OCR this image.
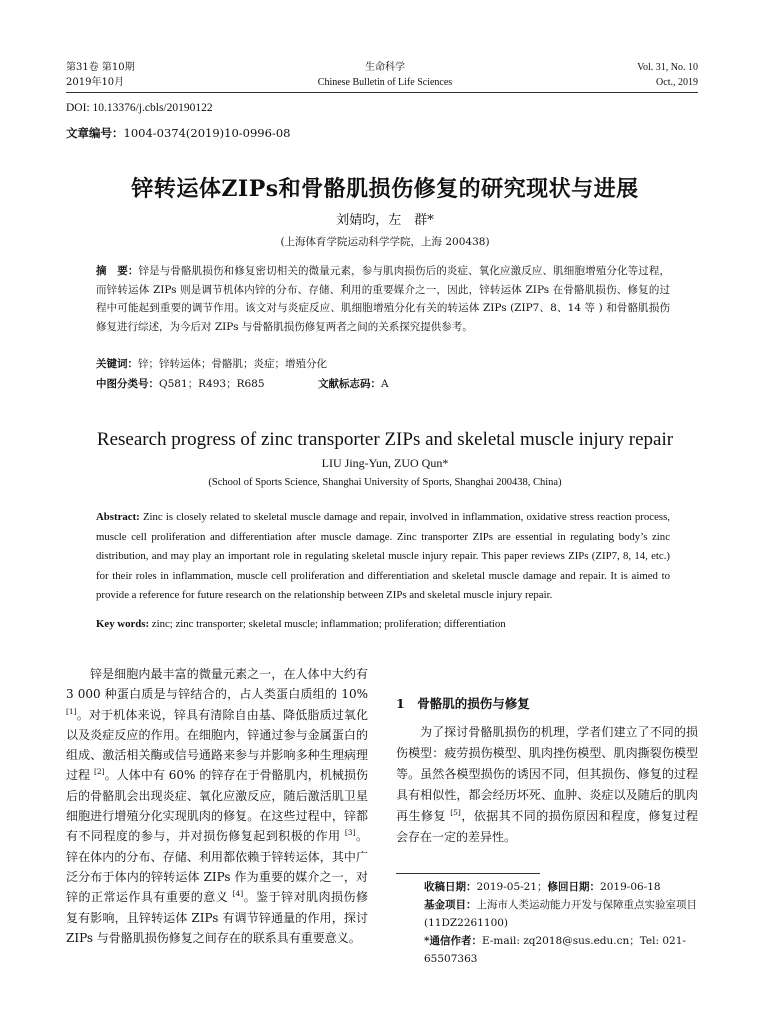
第31卷 第10期
2019年10月
生命科学
Chinese Bulletin of Life Sciences
Vol. 31, No. 10
Oct., 2019
DOI: 10.13376/j.cbls/20190122
文章编号：1004-0374(2019)10-0996-08
锌转运体ZIPs和骨骼肌损伤修复的研究现状与进展
刘婧昀，左　群*
(上海体育学院运动科学学院，上海 200438)
摘　要：锌是与骨骼肌损伤和修复密切相关的微量元素，参与肌肉损伤后的炎症、氧化应激反应、肌细胞增殖分化等过程，而锌转运体 ZIPs 则是调节机体内锌的分布、存储、利用的重要媒介之一，因此，锌转运体 ZIPs 在骨骼肌损伤、修复的过程中可能起到重要的调节作用。该文对与炎症反应、肌细胞增殖分化有关的转运体 ZIPs (ZIP7、8、14 等 ) 和骨骼肌损伤修复进行综述，为今后对 ZIPs 与骨骼肌损伤修复两者之间的关系探究提供参考。
关键词：锌；锌转运体；骨骼肌；炎症；增殖分化
中图分类号：Q581；R493；R685	文献标志码：A
Research progress of zinc transporter ZIPs and skeletal muscle injury repair
LIU Jing-Yun, ZUO Qun*
(School of Sports Science, Shanghai University of Sports, Shanghai 200438, China)
Abstract: Zinc is closely related to skeletal muscle damage and repair, involved in inflammation, oxidative stress reaction process, muscle cell proliferation and differentiation after muscle damage. Zinc transporter ZIPs are essential in regulating body’s zinc distribution, and may play an important role in regulating skeletal muscle injury repair. This paper reviews ZIPs (ZIP7, 8, 14, etc.) for their roles in inflammation, muscle cell proliferation and differentiation and skeletal muscle damage and repair. It is aimed to provide a reference for future research on the relationship between ZIPs and skeletal muscle injury repair.
Key words: zinc; zinc transporter; skeletal muscle; inflammation; proliferation; differentiation

锌是细胞内最丰富的微量元素之一，在人体中大约有 3 000 种蛋白质是与锌结合的，占人类蛋白质组的 10%[1]。对于机体来说，锌具有清除自由基、降低脂质过氧化以及炎症反应的作用。在细胞内，锌通过参与金属蛋白的组成、激活相关酶或信号通路来参与并影响多种生理病理过程 [2]。人体中有 60% 的锌存在于骨骼肌内，机械损伤后的骨骼肌会出现炎症、氧化应激反应，随后激活肌卫星细胞进行增殖分化实现肌肉的修复。在这些过程中，锌都有不同程度的参与，并对损伤修复起到积极的作用 [3]。锌在体内的分布、存储、利用都依赖于锌转运体，其中广泛分布于体内的锌转运体 ZIPs 作为重要的媒介之一，对锌的正常运作具有重要的意义 [4]。鉴于锌对肌肉损伤修复有影响，且锌转运体 ZIPs 有调节锌通量的作用，探讨 ZIPs 与骨骼肌损伤修复之间存在的联系具有重要意义。

1　骨骼肌的损伤与修复

为了探讨骨骼肌损伤的机理，学者们建立了不同的损伤模型：疲劳损伤模型、肌肉挫伤模型、肌肉撕裂伤模型等。虽然各模型损伤的诱因不同，但其损伤、修复的过程具有相似性，都会经历坏死、血肿、炎症以及随后的肌肉再生修复 [5]，依据其不同的损伤原因和程度，修复过程会存在一定的差异性。

收稿日期：2019-05-21；修回日期：2019-06-18
基金项目：上海市人类运动能力开发与保障重点实验室项目(11DZ2261100)
*通信作者：E-mail: zq2018@sus.edu.cn；Tel: 021-65507363
